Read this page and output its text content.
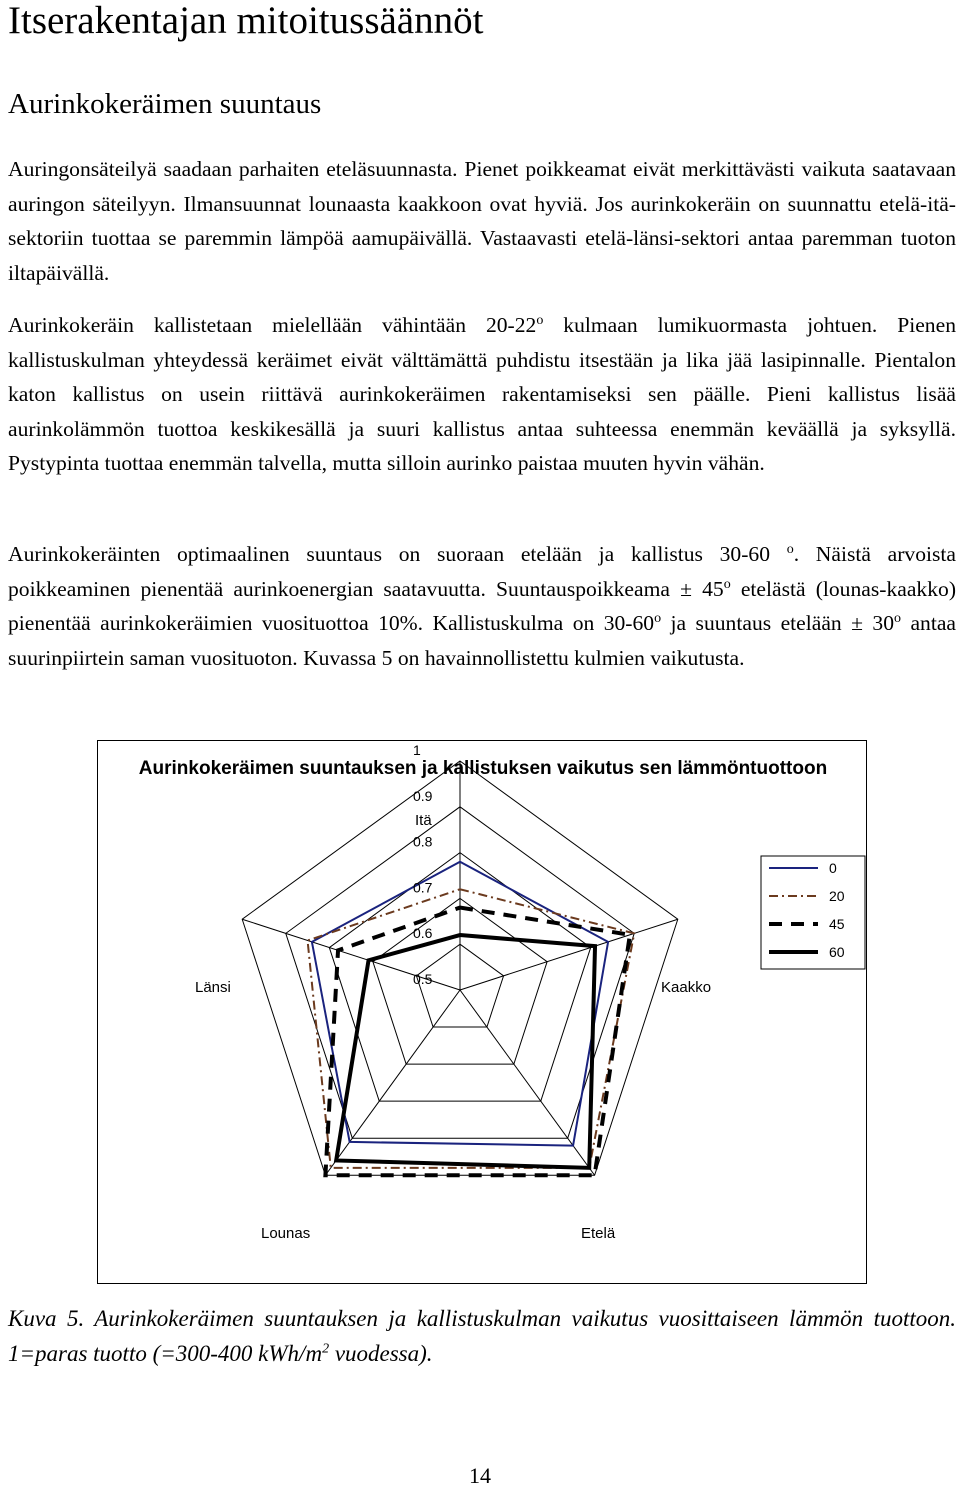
Itserakentajan mitoitussäännöt
Aurinkokeräimen suuntaus

Auringonsäteilyä saadaan parhaiten eteläsuunnasta. Pienet poikkeamat eivät merkittävästi vaikuta saatavaan auringon säteilyyn. Ilmansuunnat lounaasta kaakkoon ovat hyviä. Jos aurinkokeräin on suunnattu etelä-itä-sektoriin tuottaa se paremmin lämpöä aamupäivällä. Vastaavasti etelä-länsi-sektori antaa paremman tuoton iltapäivällä.

Aurinkokeräin kallistetaan mielellään vähintään 20-22$^o$ kulmaan lumikuormasta johtuen. Pienen kallistuskulman yhteydessä keräimet eivät välttämättä puhdistu itsestään ja lika jää lasipinnalle. Pientalon katon kallistus on usein riittävä aurinkokeräimen rakentamiseksi sen päälle. Pieni kallistus lisää aurinkolämmön tuottoa keskikesällä ja suuri kallistus antaa suhteessa enemmän keväällä ja syksyllä. Pystypinta tuottaa enemmän talvella, mutta silloin aurinko paistaa muuten hyvin vähän.

Aurinkokeräinten optimaalinen suuntaus on suoraan etelään ja kallistus 30-60 $^o$. Näistä arvoista poikkeaminen pienentää aurinkoenergian saatavuutta. Suuntauspoikkeama ± $45^o$ etelästä (lounas-kaakko) pienentää aurinkokeräimien vuosituottoa 10%. Kallistuskulma on 30-60$^o$ ja suuntaus etelään ± $30^o$ antaa suurinpiirtein saman vuosituoton. Kuvassa 5 on havainnollistettu kulmien vaikutusta.

Aurinkokeräimen suuntauksen ja kallistuksen vaikutus sen lämmöntuottoon
0.5
0.6
0.7
0.8
0.9
1
Itä
Kaakko
Etelä
Lounas
Länsi
0
20
45
60

Kuva 5. Aurinkokeräimen suuntauksen ja kallistuskulman vaikutus vuosittaiseen lämmön tuottoon. 1=paras tuotto (=300-400 kWh/$m^2$ vuodessa).

14
